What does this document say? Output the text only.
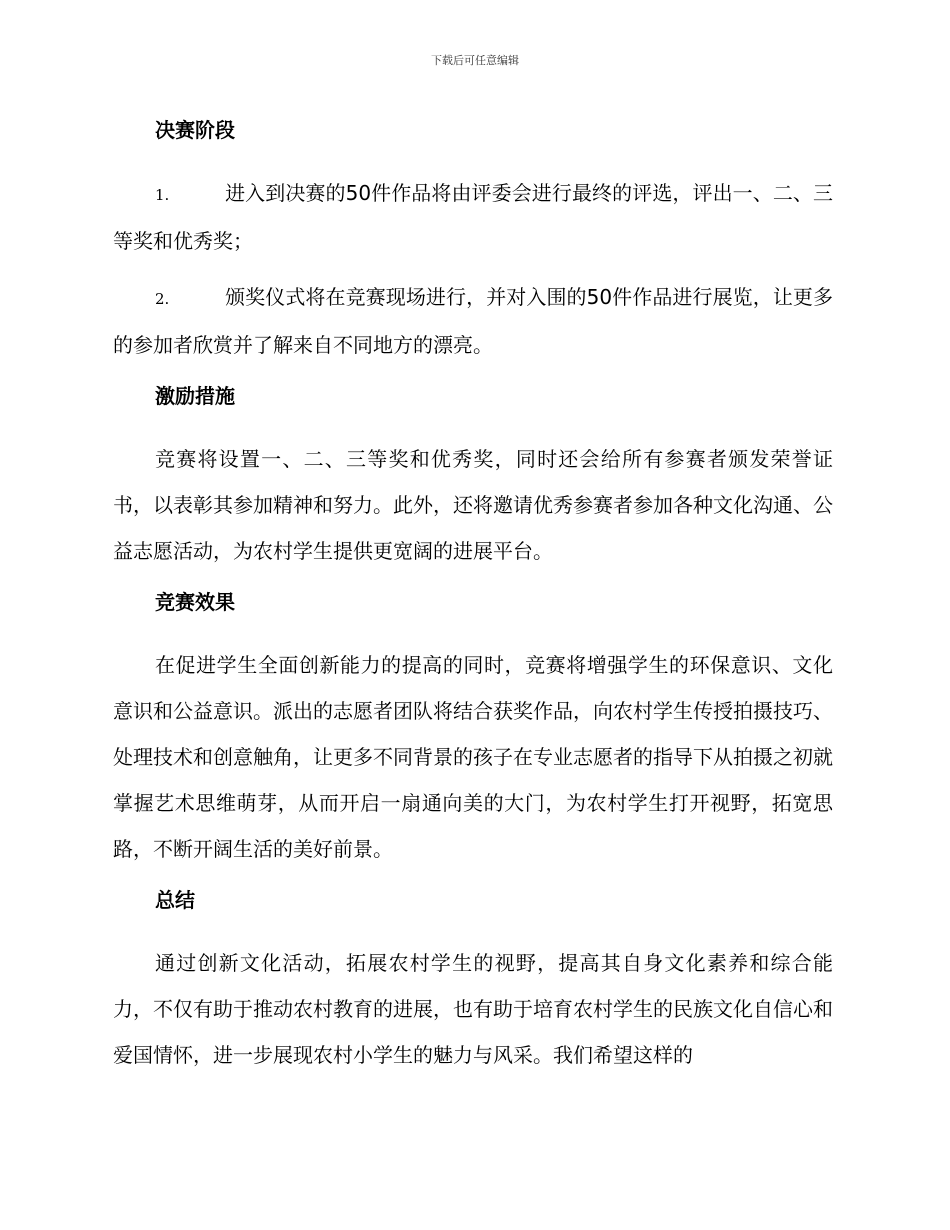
下载后可任意编辑
决赛阶段
1.	进入到决赛的50件作品将由评委会进行最终的评选，评出一、二、三等奖和优秀奖；
2.	颁奖仪式将在竞赛现场进行，并对入围的50件作品进行展览，让更多的参加者欣赏并了解来自不同地方的漂亮。
激励措施

竞赛将设置一、二、三等奖和优秀奖，同时还会给所有参赛者颁发荣誉证书，以表彰其参加精神和努力。此外，还将邀请优秀参赛者参加各种文化沟通、公益志愿活动，为农村学生提供更宽阔的进展平台。

竞赛效果

在促进学生全面创新能力的提高的同时，竞赛将增强学生的环保意识、文化意识和公益意识。派出的志愿者团队将结合获奖作品，向农村学生传授拍摄技巧、处理技术和创意触角，让更多不同背景的孩子在专业志愿者的指导下从拍摄之初就掌握艺术思维萌芽，从而开启一扇通向美的大门，为农村学生打开视野，拓宽思路，不断开阔生活的美好前景。

总结

通过创新文化活动，拓展农村学生的视野，提高其自身文化素养和综合能力，不仅有助于推动农村教育的进展，也有助于培育农村学生的民族文化自信心和爱国情怀，进一步展现农村小学生的魅力与风采。我们希望这样的
